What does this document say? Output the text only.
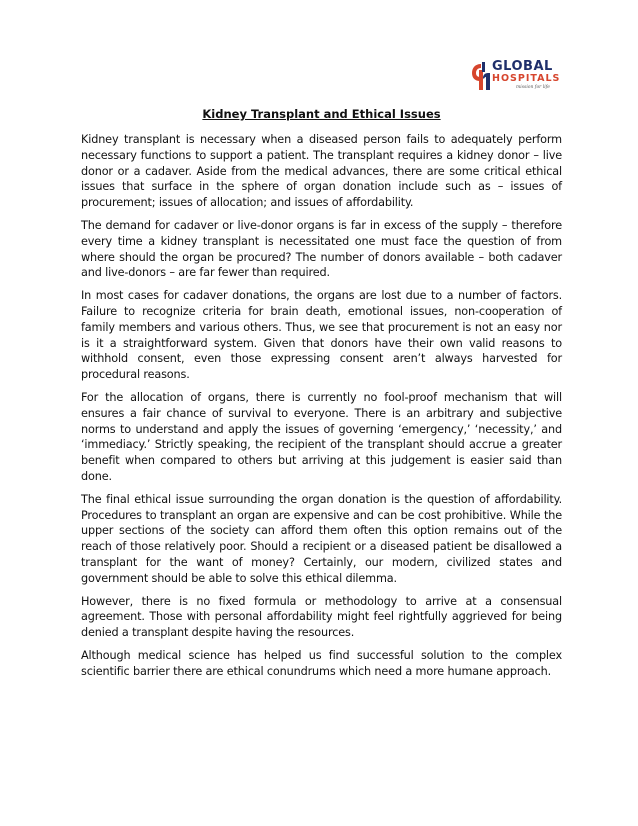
GLOBAL
HOSPITALS
mission for life
Kidney Transplant and Ethical Issues

Kidney transplant is necessary when a diseased person fails to adequately perform necessary functions to support a patient. The transplant requires a kidney donor – live donor or a cadaver. Aside from the medical advances, there are some critical ethical issues that surface in the sphere of organ donation include such as – issues of procurement; issues of allocation; and issues of affordability.

The demand for cadaver or live-donor organs is far in excess of the supply – therefore every time a kidney transplant is necessitated one must face the question of from where should the organ be procured? The number of donors available – both cadaver and live-donors – are far fewer than required.

In most cases for cadaver donations, the organs are lost due to a number of factors. Failure to recognize criteria for brain death, emotional issues, non-cooperation of family members and various others. Thus, we see that procurement is not an easy nor is it a straightforward system. Given that donors have their own valid reasons to withhold consent, even those expressing consent aren’t always harvested for procedural reasons.

For the allocation of organs, there is currently no fool-proof mechanism that will ensures a fair chance of survival to everyone. There is an arbitrary and subjective norms to understand and apply the issues of governing ‘emergency,’ ‘necessity,’ and ‘immediacy.’ Strictly speaking, the recipient of the transplant should accrue a greater benefit when compared to others but arriving at this judgement is easier said than done.

The final ethical issue surrounding the organ donation is the question of affordability. Procedures to transplant an organ are expensive and can be cost prohibitive. While the upper sections of the society can afford them often this option remains out of the reach of those relatively poor. Should a recipient or a diseased patient be disallowed a transplant for the want of money? Certainly, our modern, civilized states and government should be able to solve this ethical dilemma.

However, there is no fixed formula or methodology to arrive at a consensual agreement. Those with personal affordability might feel rightfully aggrieved for being denied a transplant despite having the resources.

Although medical science has helped us find successful solution to the complex scientific barrier there are ethical conundrums which need a more humane approach.
